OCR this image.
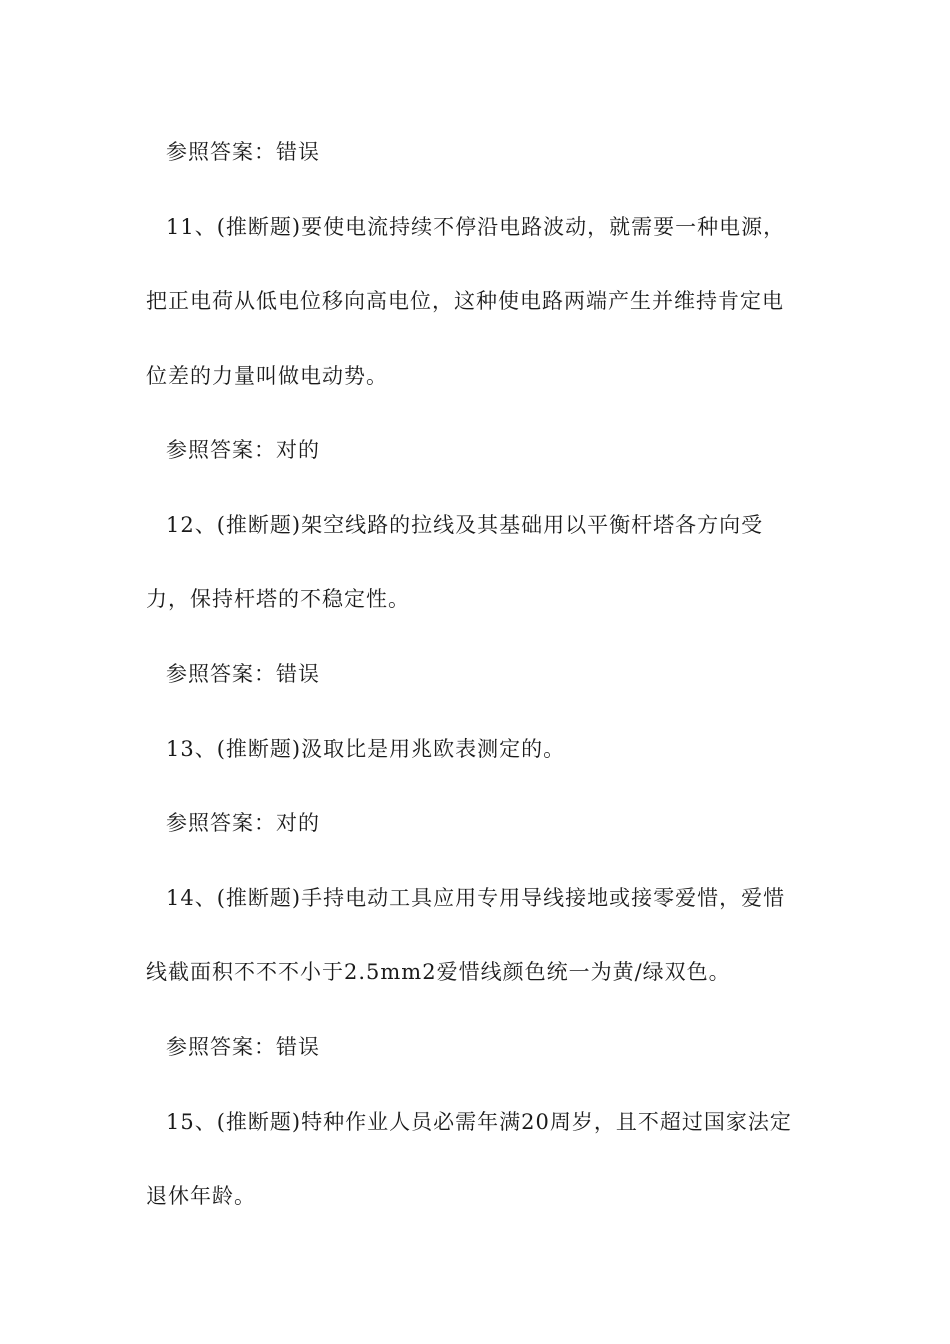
参照答案：错误
11、(推断题)要使电流持续不停沿电路波动，就需要一种电源，
把正电荷从低电位移向高电位，这种使电路两端产生并维持肯定电
位差的力量叫做电动势。
参照答案：对的
12、(推断题)架空线路的拉线及其基础用以平衡杆塔各方向受
力，保持杆塔的不稳定性。
参照答案：错误
13、(推断题)汲取比是用兆欧表测定的。
参照答案：对的
14、(推断题)手持电动工具应用专用导线接地或接零爱惜，爱惜
线截面积不不不小于2.5mm2爱惜线颜色统一为黄/绿双色。
参照答案：错误
15、(推断题)特种作业人员必需年满20周岁，且不超过国家法定
退休年龄。
